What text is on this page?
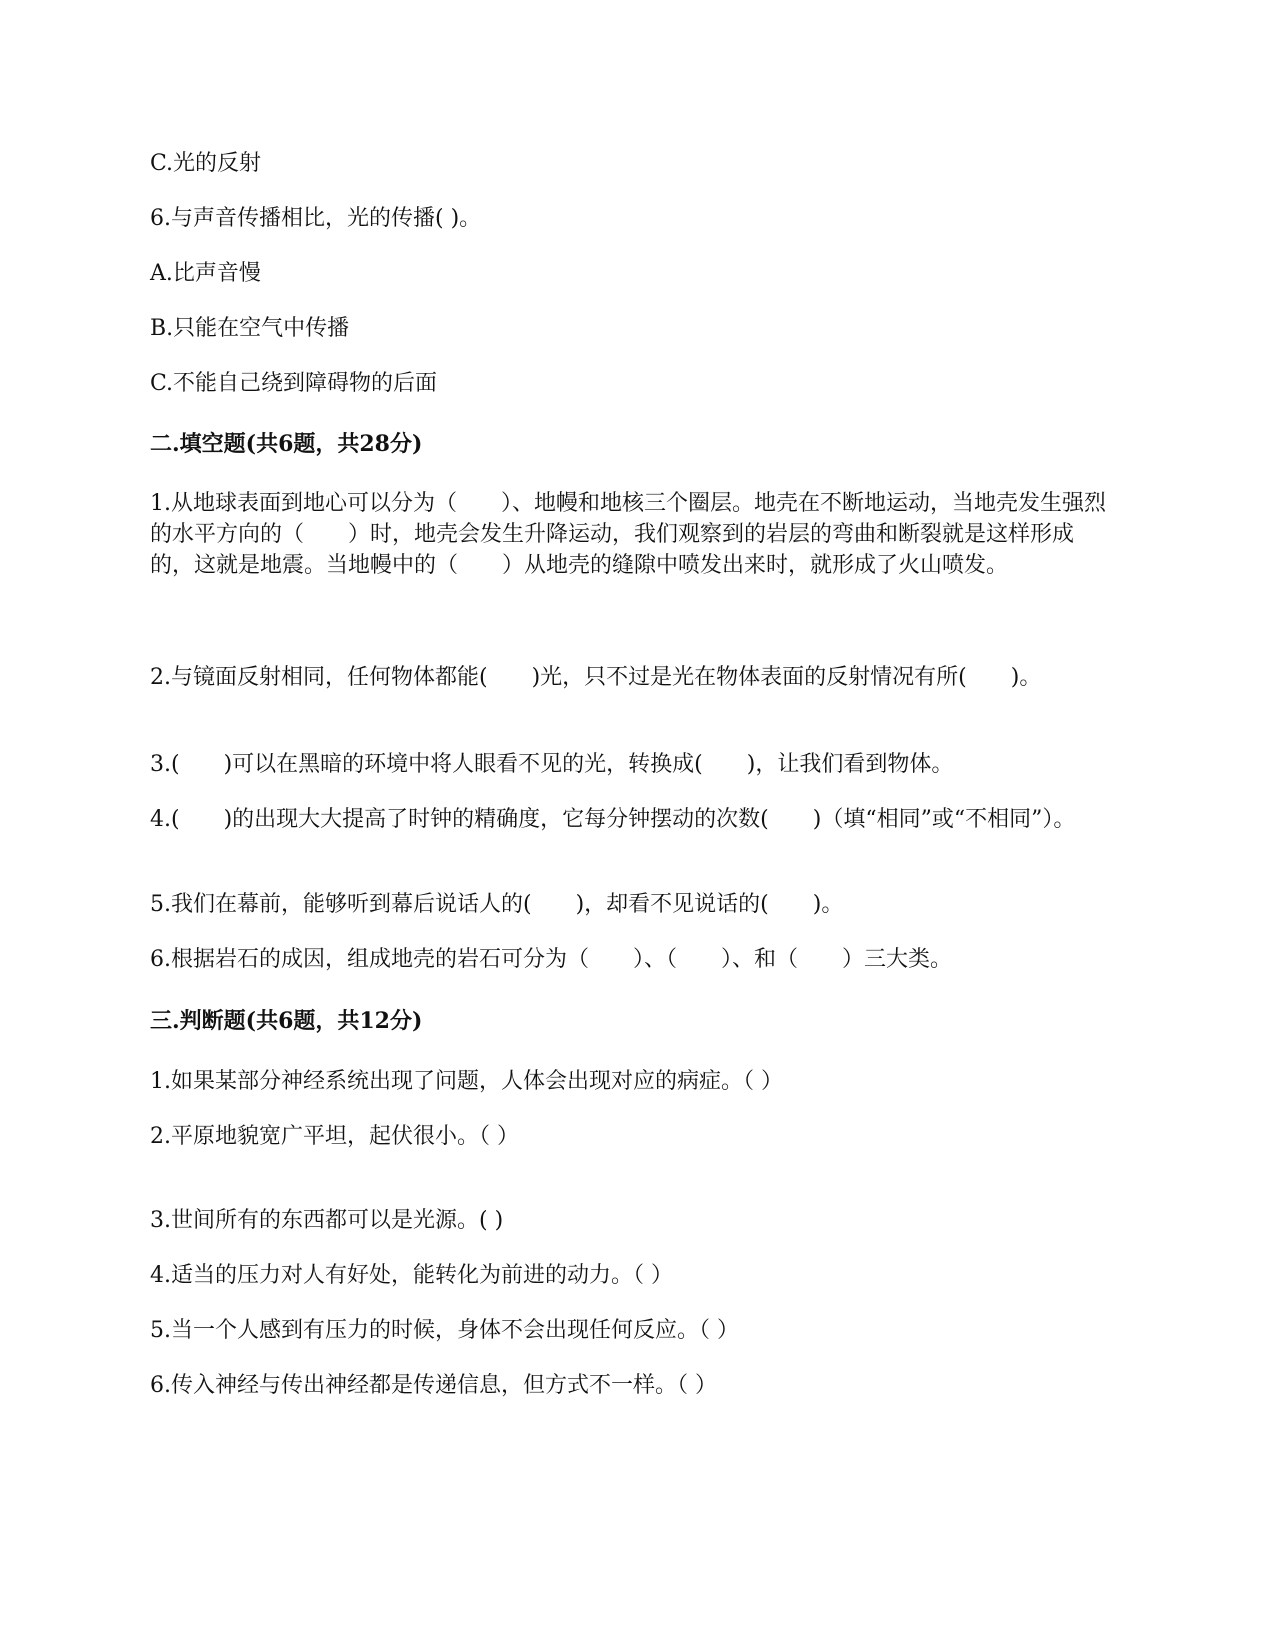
C.光的反射
6.与声音传播相比，光的传播( )。
A.比声音慢
B.只能在空气中传播
C.不能自己绕到障碍物的后面
二.填空题(共6题，共28分)
1.从地球表面到地心可以分为（　　）、地幔和地核三个圈层。地壳在不断地运动，当地壳发生强烈的水平方向的（　　）时，地壳会发生升降运动，我们观察到的岩层的弯曲和断裂就是这样形成的，这就是地震。当地幔中的（　　）从地壳的缝隙中喷发出来时，就形成了火山喷发。
2.与镜面反射相同，任何物体都能(　　)光，只不过是光在物体表面的反射情况有所(　　)。
3.(　　)可以在黑暗的环境中将人眼看不见的光，转换成(　　)，让我们看到物体。
4.(　　)的出现大大提高了时钟的精确度，它每分钟摆动的次数(　　)（填“相同”或“不相同”）。
5.我们在幕前，能够听到幕后说话人的(　　)，却看不见说话的(　　)。
6.根据岩石的成因，组成地壳的岩石可分为（　　）、（　　）、和（　　）三大类。
三.判断题(共6题，共12分)
1.如果某部分神经系统出现了问题，人体会出现对应的病症。（ ）
2.平原地貌宽广平坦，起伏很小。（ ）
3.世间所有的东西都可以是光源。( )
4.适当的压力对人有好处，能转化为前进的动力。（ ）
5.当一个人感到有压力的时候，身体不会出现任何反应。（ ）
6.传入神经与传出神经都是传递信息，但方式不一样。（ ）
